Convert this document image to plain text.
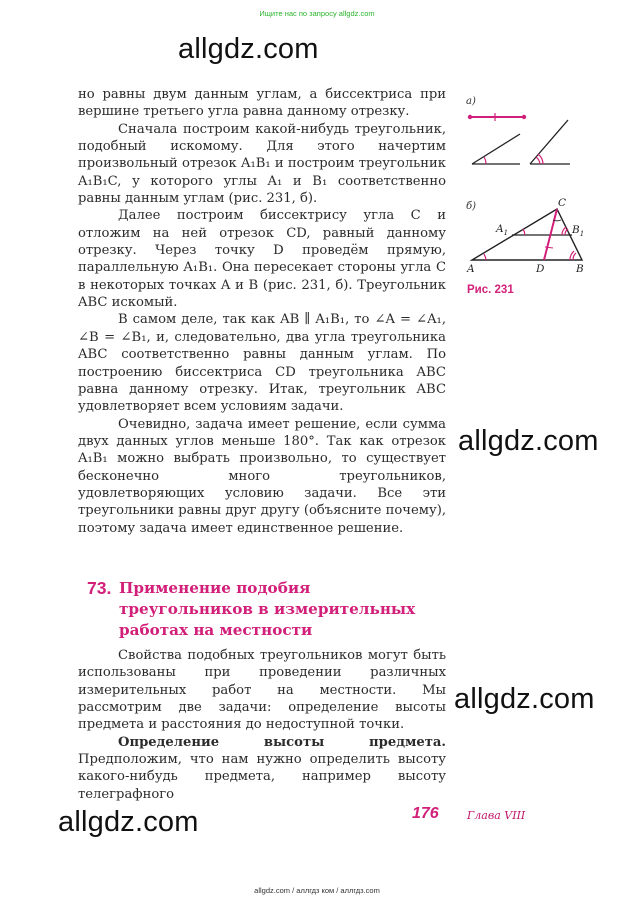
Ищите нас по запросу allgdz.com
allgdz.com
allgdz.com
allgdz.com
allgdz.com

но равны двум данным углам, а биссектриса при вершине третьего угла равна данному отрезку.

Сначала построим какой-нибудь треугольник, подобный искомому. Для этого начертим произвольный отрезок A₁B₁ и построим треугольник A₁B₁C, у которого углы A₁ и B₁ соответственно равны данным углам (рис. 231, б).

Далее построим биссектрису угла C и отложим на ней отрезок CD, равный данному отрезку. Через точку D проведём прямую, параллельную A₁B₁. Она пересекает стороны угла C в некоторых точках A и B (рис. 231, б). Треугольник ABC искомый.

В самом деле, так как AB ∥ A₁B₁, то ∠A = ∠A₁, ∠B = ∠B₁, и, следовательно, два угла треугольника ABC соответственно равны данным углам. По построению биссектриса CD треугольника ABC равна данному отрезку. Итак, треугольник ABC удовлетворяет всем условиям задачи.

Очевидно, задача имеет решение, если сумма двух данных углов меньше 180°. Так как отрезок A₁B₁ можно выбрать произвольно, то существует бесконечно много треугольников, удовлетворяющих условию задачи. Все эти треугольники равны друг другу (объясните почему), поэтому задача имеет единственное решение.

73. Применение подобия треугольников в измерительных работах на местности

Свойства подобных треугольников могут быть использованы при проведении различных измерительных работ на местности. Мы рассмотрим две задачи: определение высоты предмета и расстояния до недоступной точки.

Определение высоты предмета. Предположим, что нам нужно определить высоту какого-нибудь предмета, например высоту телеграфного

а)
б)	C
$A_1$	$B_1$
A	D	B
Рис. 231
176	Глава VIII
allgdz.com / аллгдз ком / аллгдз.com
